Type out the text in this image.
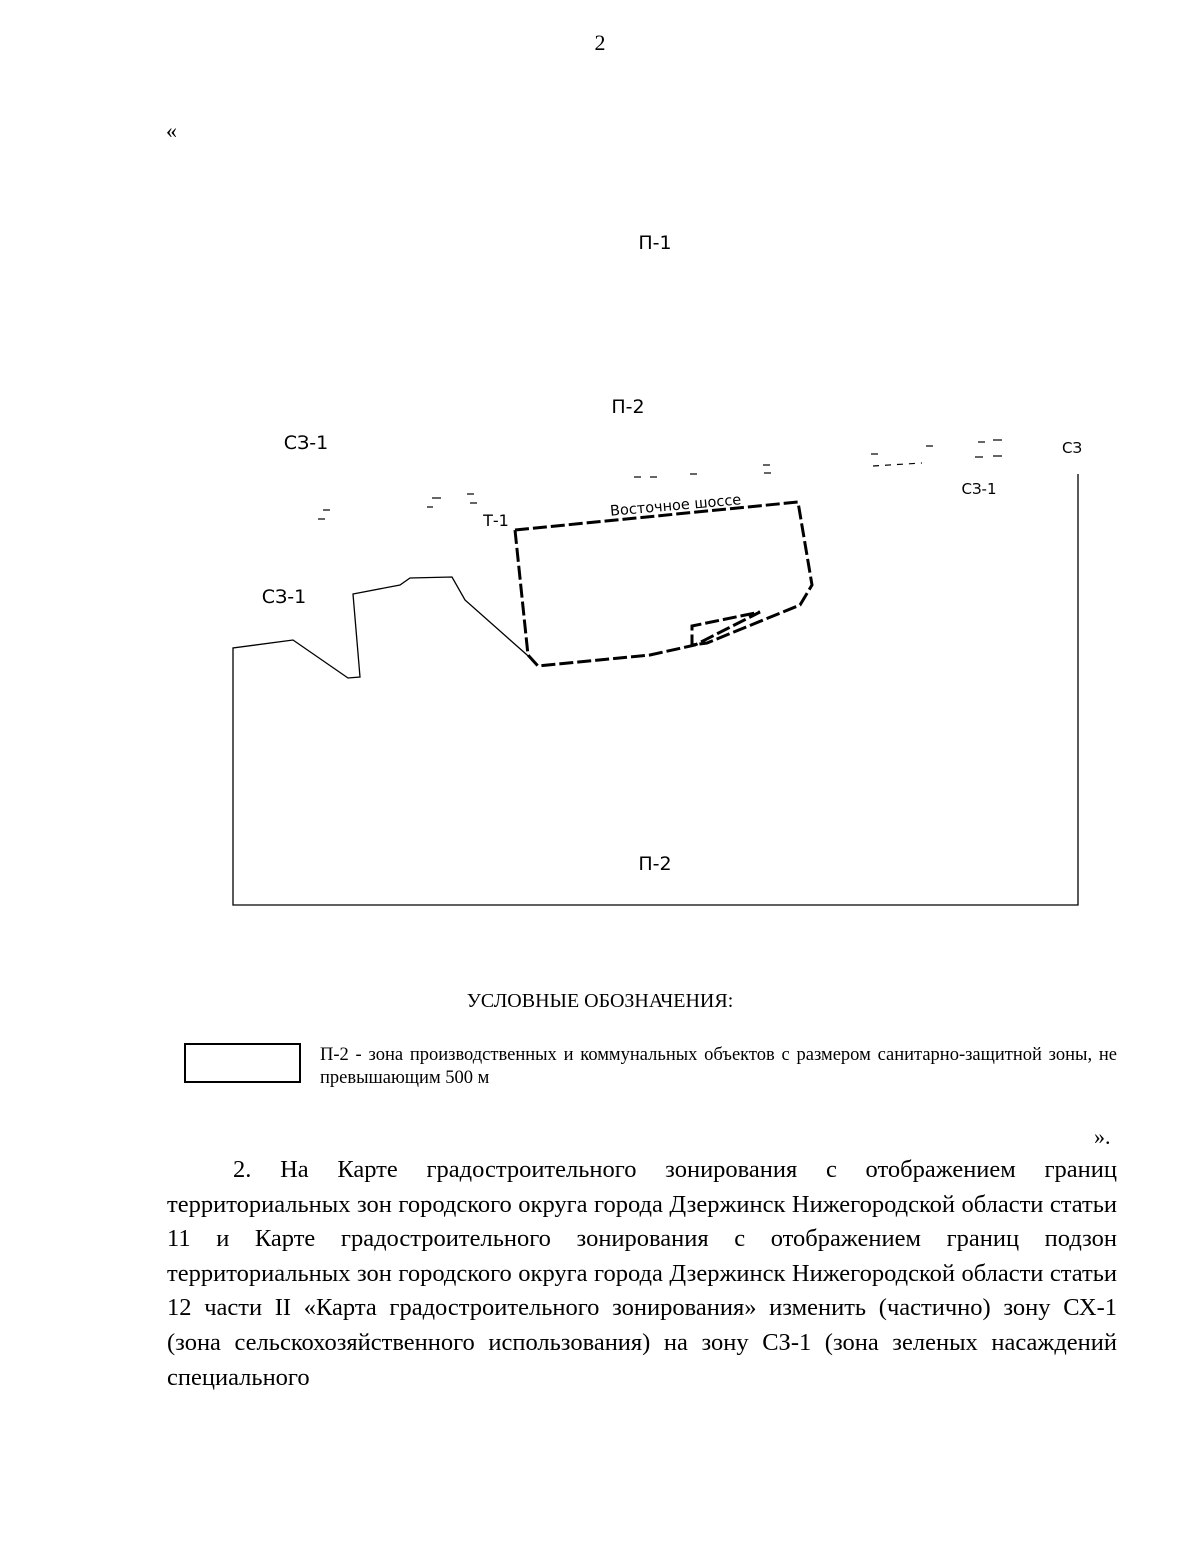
2
«
П-1
П-2
СЗ-1	СЗ
СЗ-1
Т-1
Восточное шоссе
СЗ-1
П-2
УСЛОВНЫЕ ОБОЗНАЧЕНИЯ:
П-2 - зона производственных и коммунальных объектов с размером санитарно-защитной зоны, не превышающим 500 м
».
2. На Карте градостроительного зонирования с отображением границ территориальных зон городского округа города Дзержинск Нижегородской области статьи 11 и Карте градостроительного зонирования с отображением границ подзон территориальных зон городского округа города Дзержинск Нижегородской области статьи 12 части II «Карта градостроительного зонирования» изменить (частично) зону СХ-1 (зона сельскохозяйственного использования) на зону СЗ-1 (зона зеленых насаждений специального
